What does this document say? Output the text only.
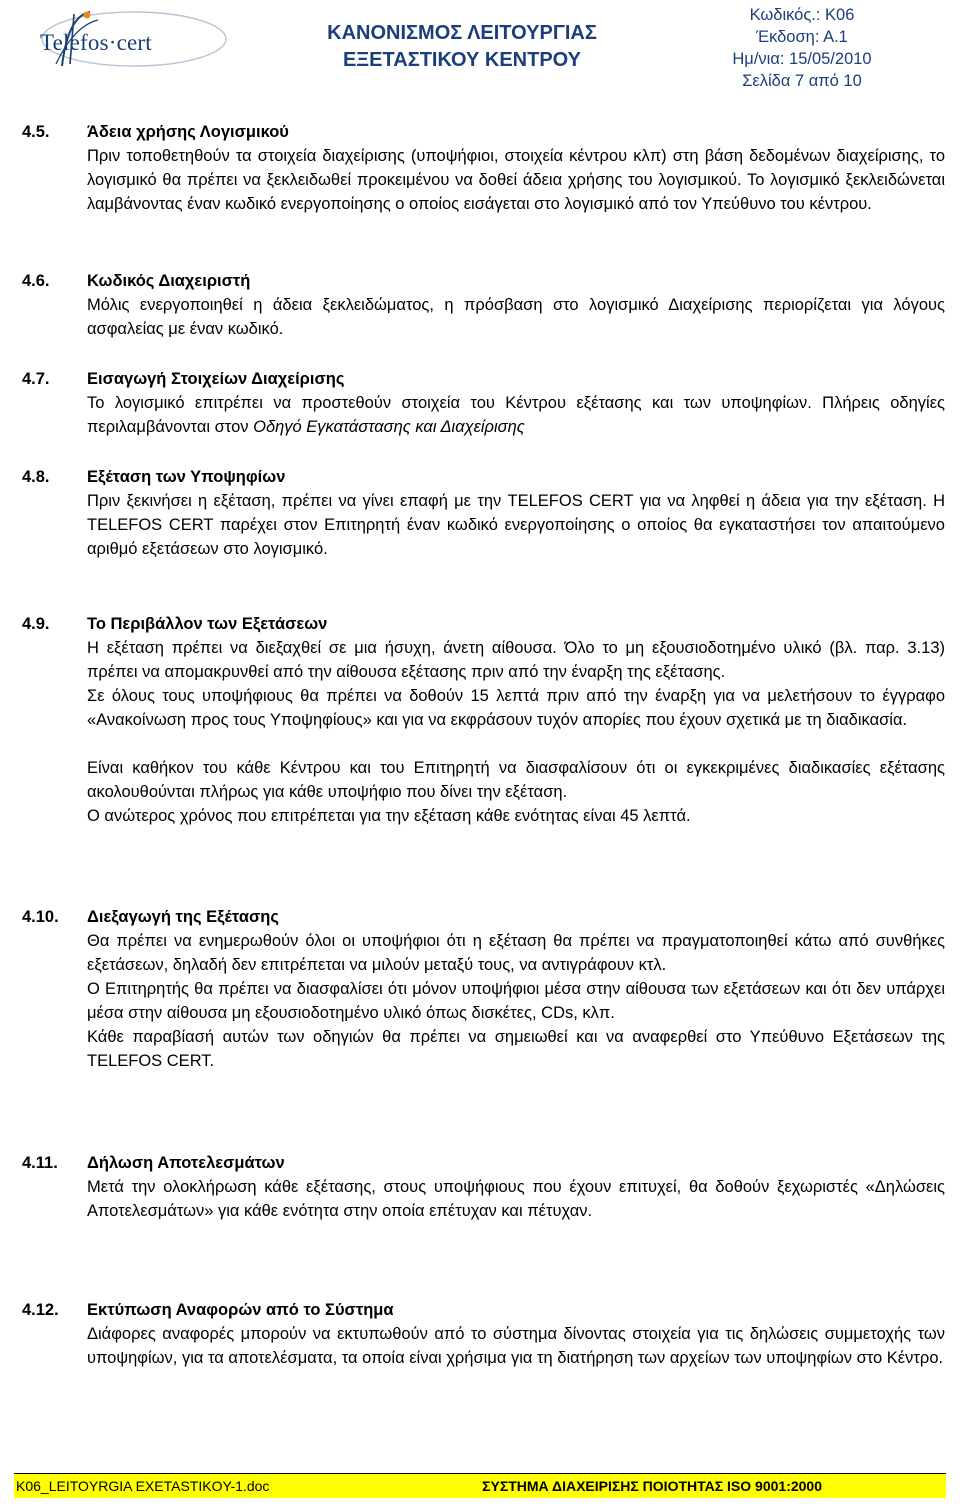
Telefos·cert	ΚΑΝΟΝΙΣΜΟΣ ΛΕΙΤΟΥΡΓΙΑΣ
ΕΞΕΤΑΣΤΙΚΟΥ ΚΕΝΤΡΟΥ
Κωδικός.: Κ06
Έκδοση: Α.1
Ημ/νια: 15/05/2010
Σελίδα 7 από 10
4.5. Άδεια χρήσης Λογισμικού
Πριν τοποθετηθούν τα στοιχεία διαχείρισης (υποψήφιοι, στοιχεία κέντρου κλπ) στη βάση δεδομένων διαχείρισης, το λογισμικό θα πρέπει να ξεκλειδωθεί προκειμένου να δοθεί άδεια χρήσης του λογισμικού. Το λογισμικό ξεκλειδώνεται λαμβάνοντας έναν κωδικό ενεργοποίησης ο οποίος εισάγεται στο λογισμικό από τον Υπεύθυνο του κέντρου.
4.6. Κωδικός Διαχειριστή
Μόλις ενεργοποιηθεί η άδεια ξεκλειδώματος, η πρόσβαση στο λογισμικό Διαχείρισης περιορίζεται για λόγους ασφαλείας με έναν κωδικό.
4.7. Εισαγωγή Στοιχείων Διαχείρισης
Το λογισμικό επιτρέπει να προστεθούν στοιχεία του Κέντρου εξέτασης και των υποψηφίων. Πλήρεις οδηγίες περιλαμβάνονται στον Οδηγό Εγκατάστασης και Διαχείρισης
4.8. Εξέταση των Υποψηφίων
Πριν ξεκινήσει η εξέταση, πρέπει να γίνει επαφή με την TELEFOS CERT για να ληφθεί η άδεια για την εξέταση. Η TELEFOS CERT παρέχει στον Επιτηρητή έναν κωδικό ενεργοποίησης ο οποίος θα εγκαταστήσει τον απαιτούμενο αριθμό εξετάσεων στο λογισμικό.
4.9. Το Περιβάλλον των Εξετάσεων
Η εξέταση πρέπει να διεξαχθεί σε μια ήσυχη, άνετη αίθουσα. Όλο το μη εξουσιοδοτημένο υλικό (βλ. παρ. 3.13) πρέπει να απομακρυνθεί από την αίθουσα εξέτασης πριν από την έναρξη της εξέτασης.
Σε όλους τους υποψήφιους θα πρέπει να δοθούν 15 λεπτά πριν από την έναρξη για να μελετήσουν το έγγραφο «Ανακοίνωση προς τους Υποψηφίους» και για να εκφράσουν τυχόν απορίες που έχουν σχετικά με τη διαδικασία.
Είναι καθήκον του κάθε Κέντρου και του Επιτηρητή να διασφαλίσουν ότι οι εγκεκριμένες διαδικασίες εξέτασης ακολουθούνται πλήρως για κάθε υποψήφιο που δίνει την εξέταση.
Ο ανώτερος χρόνος που επιτρέπεται για την εξέταση κάθε ενότητας είναι 45 λεπτά.
4.10. Διεξαγωγή της Εξέτασης
Θα πρέπει να ενημερωθούν όλοι οι υποψήφιοι ότι η εξέταση θα πρέπει να πραγματοποιηθεί κάτω από συνθήκες εξετάσεων, δηλαδή δεν επιτρέπεται να μιλούν μεταξύ τους, να αντιγράφουν κτλ.
Ο Επιτηρητής θα πρέπει να διασφαλίσει ότι μόνον υποψήφιοι μέσα στην αίθουσα των εξετάσεων και ότι δεν υπάρχει μέσα στην αίθουσα μη εξουσιοδοτημένο υλικό όπως δισκέτες, CDs, κλπ.
Κάθε παραβίασή αυτών των οδηγιών θα πρέπει να σημειωθεί και να αναφερθεί στο Υπεύθυνο Εξετάσεων της TELEFOS CERT.
4.11. Δήλωση Αποτελεσμάτων
Μετά την ολοκλήρωση κάθε εξέτασης, στους υποψήφιους που έχουν επιτυχεί, θα δοθούν ξεχωριστές «Δηλώσεις Αποτελεσμάτων» για κάθε ενότητα στην οποία επέτυχαν και πέτυχαν.
4.12. Εκτύπωση Αναφορών από το Σύστημα
Διάφορες αναφορές μπορούν να εκτυπωθούν από το σύστημα δίνοντας στοιχεία για τις δηλώσεις συμμετοχής των υποψηφίων, για τα αποτελέσματα, τα οποία είναι χρήσιμα για τη διατήρηση των αρχείων των υποψηφίων στο Κέντρο.
K06_LEITOYRGIA EXETASTIKOY-1.doc	ΣΥΣΤΗΜΑ ΔΙΑΧΕΙΡΙΣΗΣ ΠΟΙΟΤΗΤΑΣ ISO 9001:2000
